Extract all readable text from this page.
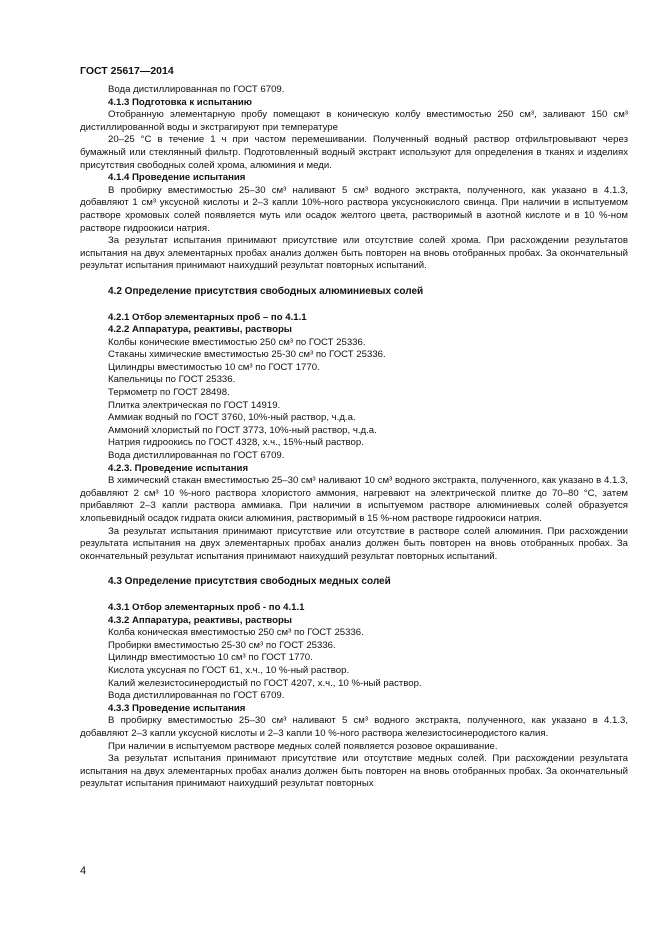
ГОСТ 25617—2014

Вода дистиллированная по ГОСТ 6709.

4.1.3 Подготовка к испытанию

Отобранную элементарную пробу помещают в коническую колбу вместимостью 250 см³, заливают 150 см³ дистиллированной воды и экстрагируют при температуре

20–25 °С в течение 1 ч при частом перемешивании. Полученный водный раствор отфильтровывают через бумажный или стеклянный фильтр. Подготовленный водный экстракт используют для определения в тканях и изделиях присутствия свободных солей хрома, алюминия и меди.

4.1.4 Проведение испытания

В пробирку вместимостью 25–30 см³ наливают 5 см³ водного экстракта, полученного, как указано в 4.1.3, добавляют 1 см³ уксусной кислоты и 2–3 капли 10%-ного раствора уксуснокислого свинца. При наличии в испытуемом растворе хромовых солей появляется муть или осадок желтого цвета, растворимый в азотной кислоте и в 10 %-ном растворе гидроокиси натрия.

За результат испытания принимают присутствие или отсутствие солей хрома. При расхождении результатов испытания на двух элементарных пробах анализ должен быть повторен на вновь отобранных пробах. За окончательный результат испытания принимают наихудший результат повторных испытаний.

4.2 Определение присутствия свободных алюминиевых солей

4.2.1 Отбор элементарных проб – по 4.1.1

4.2.2 Аппаратура, реактивы, растворы

Колбы конические вместимостью 250 см³ по ГОСТ 25336.

Стаканы химические вместимостью 25-30 см³ по ГОСТ 25336.

Цилиндры вместимостью 10 см³ по ГОСТ 1770.

Капельницы по ГОСТ 25336.

Термометр по ГОСТ 28498.

Плитка электрическая по ГОСТ 14919.

Аммиак водный по ГОСТ 3760, 10%-ный раствор, ч.д.а.

Аммоний хлористый по ГОСТ 3773, 10%-ный раствор, ч.д.а.

Натрия гидроокись по ГОСТ 4328, х.ч., 15%-ный раствор.

Вода дистиллированная по ГОСТ 6709.

4.2.3. Проведение испытания

В химический стакан вместимостью 25–30 см³ наливают 10 см³ водного экстракта, полученного, как указано в 4.1.3, добавляют 2 см³ 10 %-ного раствора хлористого аммония, нагревают на электрической плитке до 70–80 °С, затем прибавляют 2–3 капли раствора аммиака. При наличии в испытуемом растворе алюминиевых солей образуется хлопьевидный осадок гидрата окиси алюминия, растворимый в 15 %-ном растворе гидроокиси натрия.

За результат испытания принимают присутствие или отсутствие в растворе солей алюминия. При расхождении результата испытания на двух элементарных пробах анализ должен быть повторен на вновь отобранных пробах. За окончательный результат испытания принимают наихудший результат повторных испытаний.

4.3 Определение присутствия свободных медных солей

4.3.1 Отбор элементарных проб - по 4.1.1

4.3.2 Аппаратура, реактивы, растворы

Колба коническая вместимостью 250 см³ по ГОСТ 25336.

Пробирки вместимостью 25-30 см³ по ГОСТ 25336.

Цилиндр вместимостью 10 см³ по ГОСТ 1770.

Кислота уксусная по ГОСТ 61, х.ч., 10 %-ный раствор.

Калий железистосинеродистый по ГОСТ 4207, х.ч., 10 %-ный раствор.

Вода дистиллированная по ГОСТ 6709.

4.3.3 Проведение испытания

В пробирку вместимостью 25–30 см³ наливают 5 см³ водного экстракта, полученного, как указано в 4.1.3, добавляют 2–3 капли уксусной кислоты и 2–3 капли 10 %-ного раствора железистосинеродистого калия.

При наличии в испытуемом растворе медных солей появляется розовое окрашивание.

За результат испытания принимают присутствие или отсутствие медных солей. При расхождении результата испытания на двух элементарных пробах анализ должен быть повторен на вновь отобранных пробах. За окончательный результат испытания принимают наихудший результат повторных

4
